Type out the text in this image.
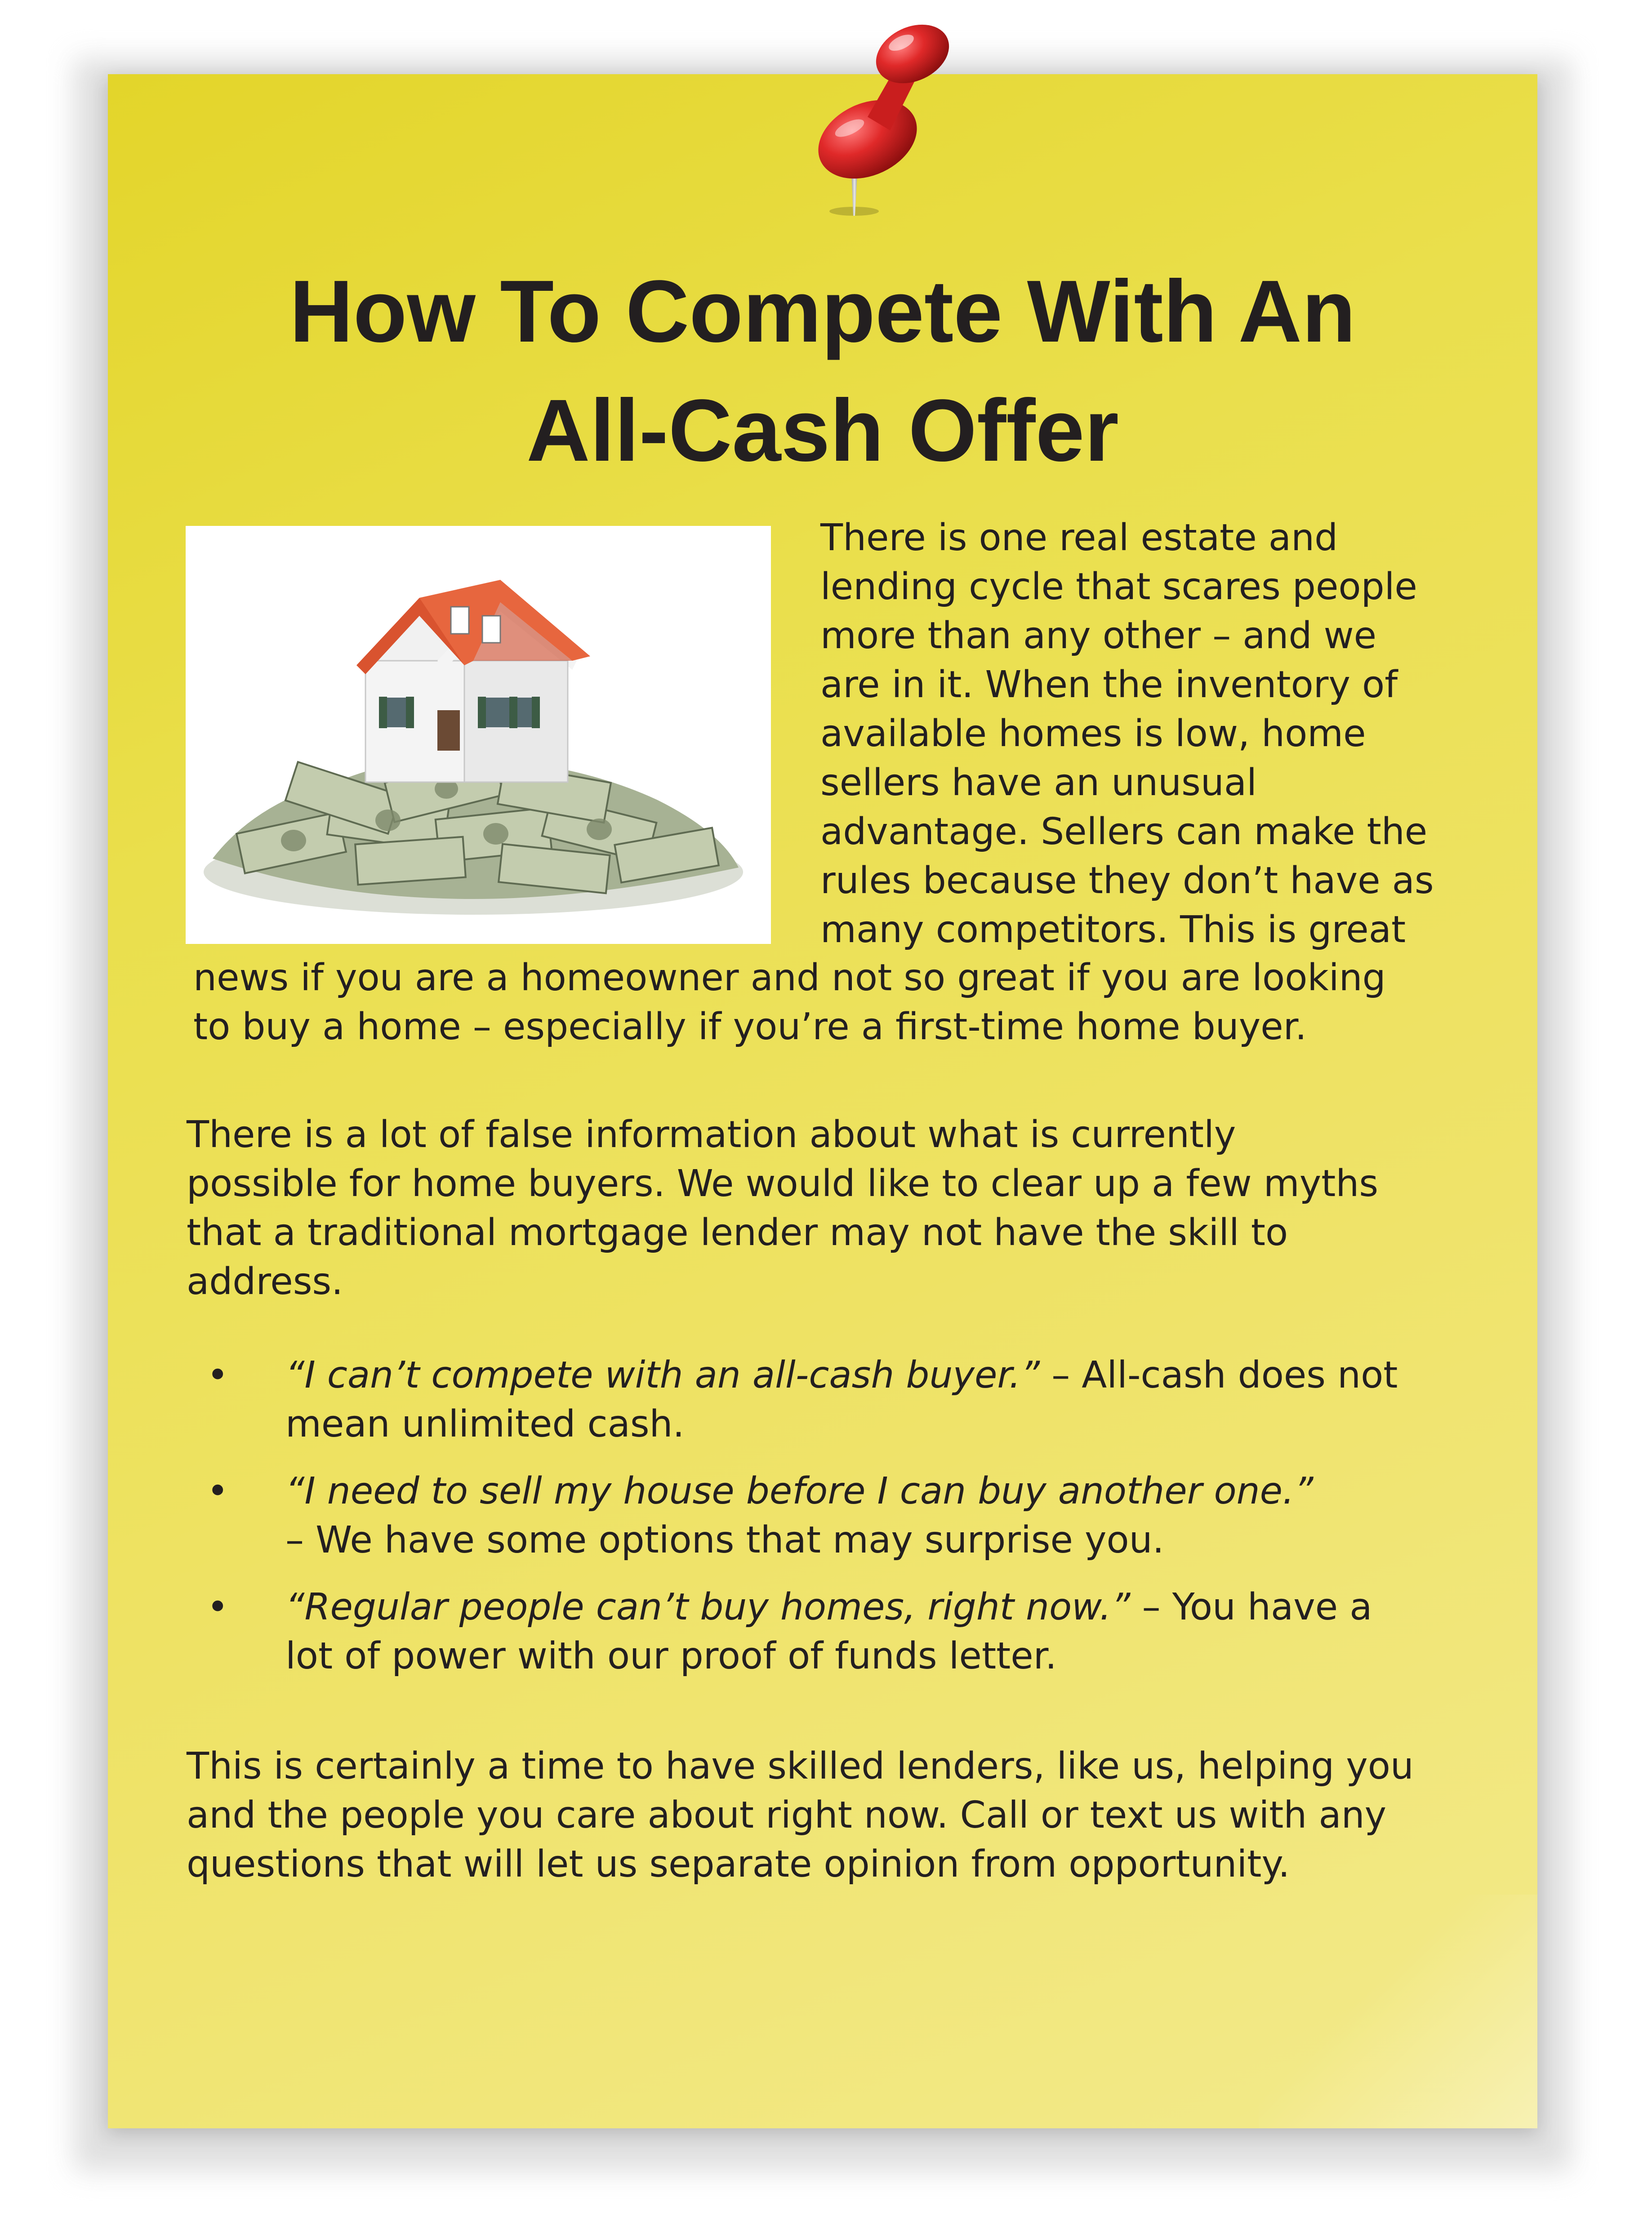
How To Compete With An
All-Cash Offer
There is one real estate and
lending cycle that scares people
more than any other – and we
are in it. When the inventory of
available homes is low, home
sellers have an unusual
advantage. Sellers can make the
rules because they don’t have as
many competitors. This is great
news if you are a homeowner and not so great if you are looking
to buy a home – especially if you’re a first-time home buyer.
There is a lot of false information about what is currently
possible for home buyers. We would like to clear up a few myths
that a traditional mortgage lender may not have the skill to
address.
• “I can’t compete with an all-cash buyer.” – All-cash does not
mean unlimited cash.
• “I need to sell my house before I can buy another one.”
– We have some options that may surprise you.
• “Regular people can’t buy homes, right now.” – You have a
lot of power with our proof of funds letter.
This is certainly a time to have skilled lenders, like us, helping you
and the people you care about right now. Call or text us with any
questions that will let us separate opinion from opportunity.
